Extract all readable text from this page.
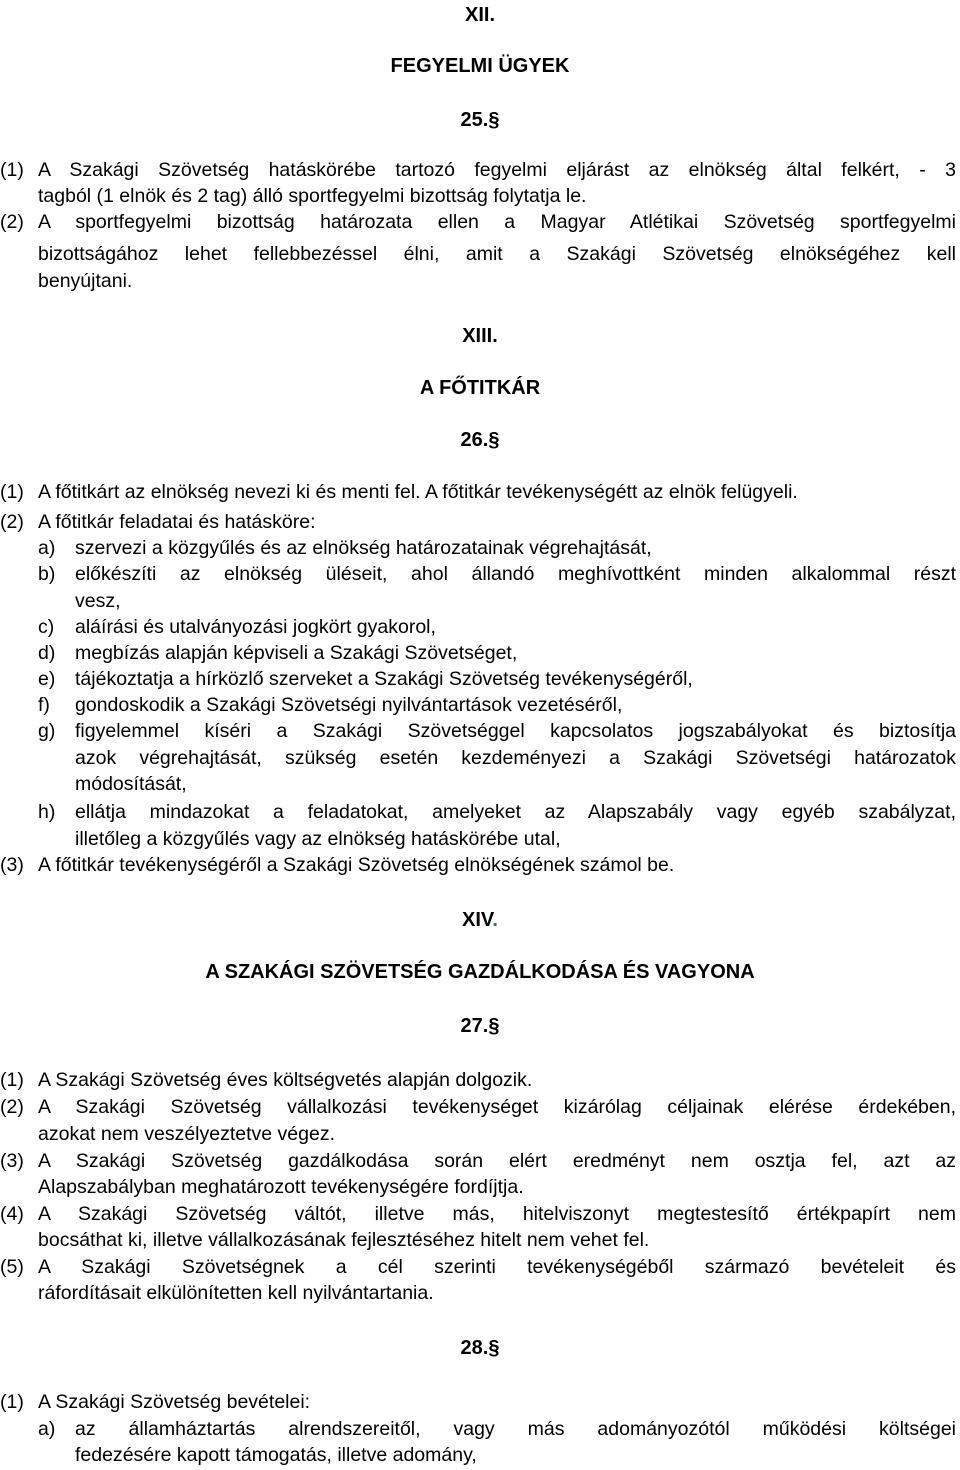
XII.
FEGYELMI ÜGYEK
25.§
(1) A Szakági Szövetség hatáskörébe tartozó fegyelmi eljárást az elnökség által felkért, - 3
tagból (1 elnök és 2 tag) álló sportfegyelmi bizottság folytatja le.
(2) A sportfegyelmi bizottság határozata ellen a Magyar Atlétikai Szövetség sportfegyelmi
bizottságához lehet fellebbezéssel élni, amit a Szakági Szövetség elnökségéhez kell
benyújtani.
XIII.
A FŐTITKÁR
26.§
(1) A főtitkárt az elnökség nevezi ki és menti fel. A főtitkár tevékenységétt az elnök felügyeli.
(2) A főtitkár feladatai és hatásköre:
a) szervezi a közgyűlés és az elnökség határozatainak végrehajtását,
b) előkészíti az elnökség üléseit, ahol állandó meghívottként minden alkalommal részt
vesz,
c) aláírási és utalványozási jogkört gyakorol,
d) megbízás alapján képviseli a Szakági Szövetséget,
e) tájékoztatja a hírközlő szerveket a Szakági Szövetség tevékenységéről,
f) gondoskodik a Szakági Szövetségi nyilvántartások vezetéséről,
g) figyelemmel kíséri a Szakági Szövetséggel kapcsolatos jogszabályokat és biztosítja
azok végrehajtását, szükség esetén kezdeményezi a Szakági Szövetségi határozatok
módosítását,
h) ellátja mindazokat a feladatokat, amelyeket az Alapszabály vagy egyéb szabályzat,
illetőleg a közgyűlés vagy az elnökség hatáskörébe utal,
(3) A főtitkár tevékenységéről a Szakági Szövetség elnökségének számol be.
XIV.
A SZAKÁGI SZÖVETSÉG GAZDÁLKODÁSA ÉS VAGYONA
27.§
(1) A Szakági Szövetség éves költségvetés alapján dolgozik.
(2) A Szakági Szövetség vállalkozási tevékenységet kizárólag céljainak elérése érdekében,
azokat nem veszélyeztetve végez.
(3) A Szakági Szövetség gazdálkodása során elért eredményt nem osztja fel, azt az
Alapszabályban meghatározott tevékenységére fordíjtja.
(4) A Szakági Szövetség váltót, illetve más, hitelviszonyt megtestesítő értékpapírt nem
bocsáthat ki, illetve vállalkozásának fejlesztéséhez hitelt nem vehet fel.
(5) A Szakági Szövetségnek a cél szerinti tevékenységéből származó bevételeit és
ráfordításait elkülönítetten kell nyilvántartania.
28.§
(1) A Szakági Szövetség bevételei:
a) az államháztartás alrendszereitől, vagy más adományozótól működési költségei
fedezésére kapott támogatás, illetve adomány,
